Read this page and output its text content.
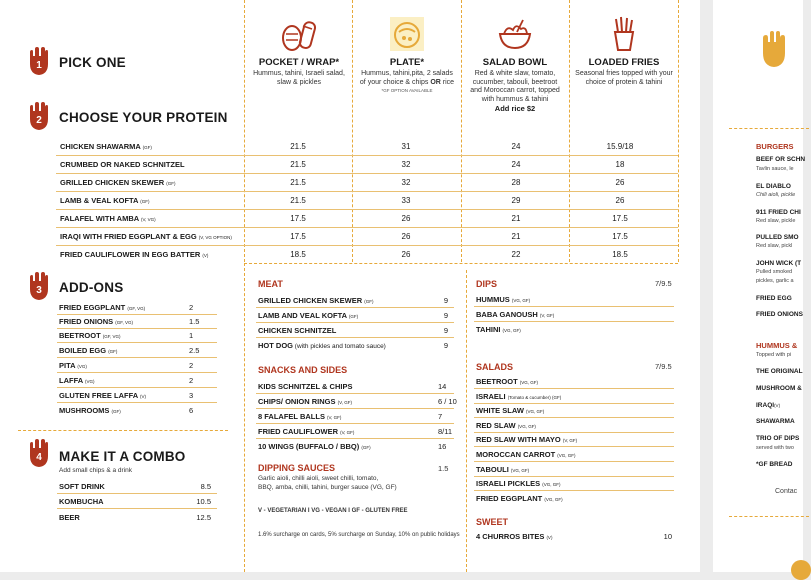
1 PICK ONE
2 CHOOSE YOUR PROTEIN
POCKET / WRAP*
Hummus, tahini, Israeli salad, slaw & pickles
PLATE*
Hummus, tahini,pita, 2 salads of your choice & chips OR rice
*GF OPTION AVAILABLE
SALAD BOWL
Red & white slaw, tomato, cucumber, tabouli, beetroot and Moroccan carrot, topped with hummus & tahini
Add rice $2
LOADED FRIES
Seasonal fries topped with your choice of protein & tahini
CHICKEN SHAWARMA (GF)	21.5	31	24	15.9/18
CRUMBED OR NAKED SCHNITZEL	21.5	32	24	18
GRILLED CHICKEN SKEWER (GF)	21.5	32	28	26
LAMB & VEAL KOFTA (GF)	21.5	33	29	26
FALAFEL WITH AMBA (V, VG)	17.5	26	21	17.5
IRAQI WITH FRIED EGGPLANT & EGG (V, VG OPTION)	17.5	26	21	17.5
FRIED CAULIFLOWER IN EGG BATTER (V)	18.5	26	22	18.5
3 ADD-ONS
FRIED EGGPLANT (GF, VG)	2
FRIED ONIONS (GF, VG)	1.5
BEETROOT (GF, VG)	1
BOILED EGG (GF)	2.5
PITA (VG)	2
LAFFA (VG)	2
GLUTEN FREE LAFFA (V)	3
MUSHROOMS (GF)	6
4 MAKE IT A COMBO
Add small chips & a drink
SOFT DRINK	8.5
KOMBUCHA	10.5
BEER	12.5
MEAT
GRILLED CHICKEN SKEWER (GF)	9
LAMB AND VEAL KOFTA (GF)	9
CHICKEN SCHNITZEL	9
HOT DOG (with pickles and tomato sauce)	9
SNACKS AND SIDES
KIDS SCHNITZEL & CHIPS	14
CHIPS/ ONION RINGS (V, GF)	6 / 10
8 FALAFEL BALLS (V, GF)	7
FRIED CAULIFLOWER (V, GF)	8/11
10 WINGS (BUFFALO / BBQ) (GF)	16
DIPPING SAUCES	1.5
Garlic aioli, chilli aioli, sweet chilli, tomato,
BBQ, amba, chilli, tahini, burger sauce (VG, GF)
V - VEGETARIAN I VG - VEGAN I GF - GLUTEN FREE
1.6% surcharge on cards, 5% surcharge on Sunday, 10% on public holidays
DIPS	7/9.5
HUMMUS (VG, GF)
BABA GANOUSH (V, GF)
TAHINI (VG, GF)
SALADS	7/9.5
BEETROOT (VG, GF)
ISRAELI (Tomato & cucumber) (GF)
WHITE SLAW (VG, GF)
RED SLAW (VG, GF)
RED SLAW WITH MAYO (V, GF)
MOROCCAN CARROT (VG, GF)
TABOULI (VG, GF)
ISRAELI PICKLES (VG, GF)
FRIED EGGPLANT (VG, GF)
SWEET
4 CHURROS BITES (V)	10
BURGERS
BEEF OR SCHN
Tavlin sauce, le
EL DIABLO
Chili aioli, pickle
911 FRIED CHI
Red slaw, pickle
PULLED SMO
Red slaw, pickl
JOHN WICK (T
Pulled smoked
pickles, garlic a
FRIED EGG
FRIED ONIONS
HUMMUS &
Topped with pi
THE ORIGINAL
MUSHROOM &
IRAQI(V)
SHAWARMA
TRIO OF DIPS
served with two
*GF BREAD
Contac
